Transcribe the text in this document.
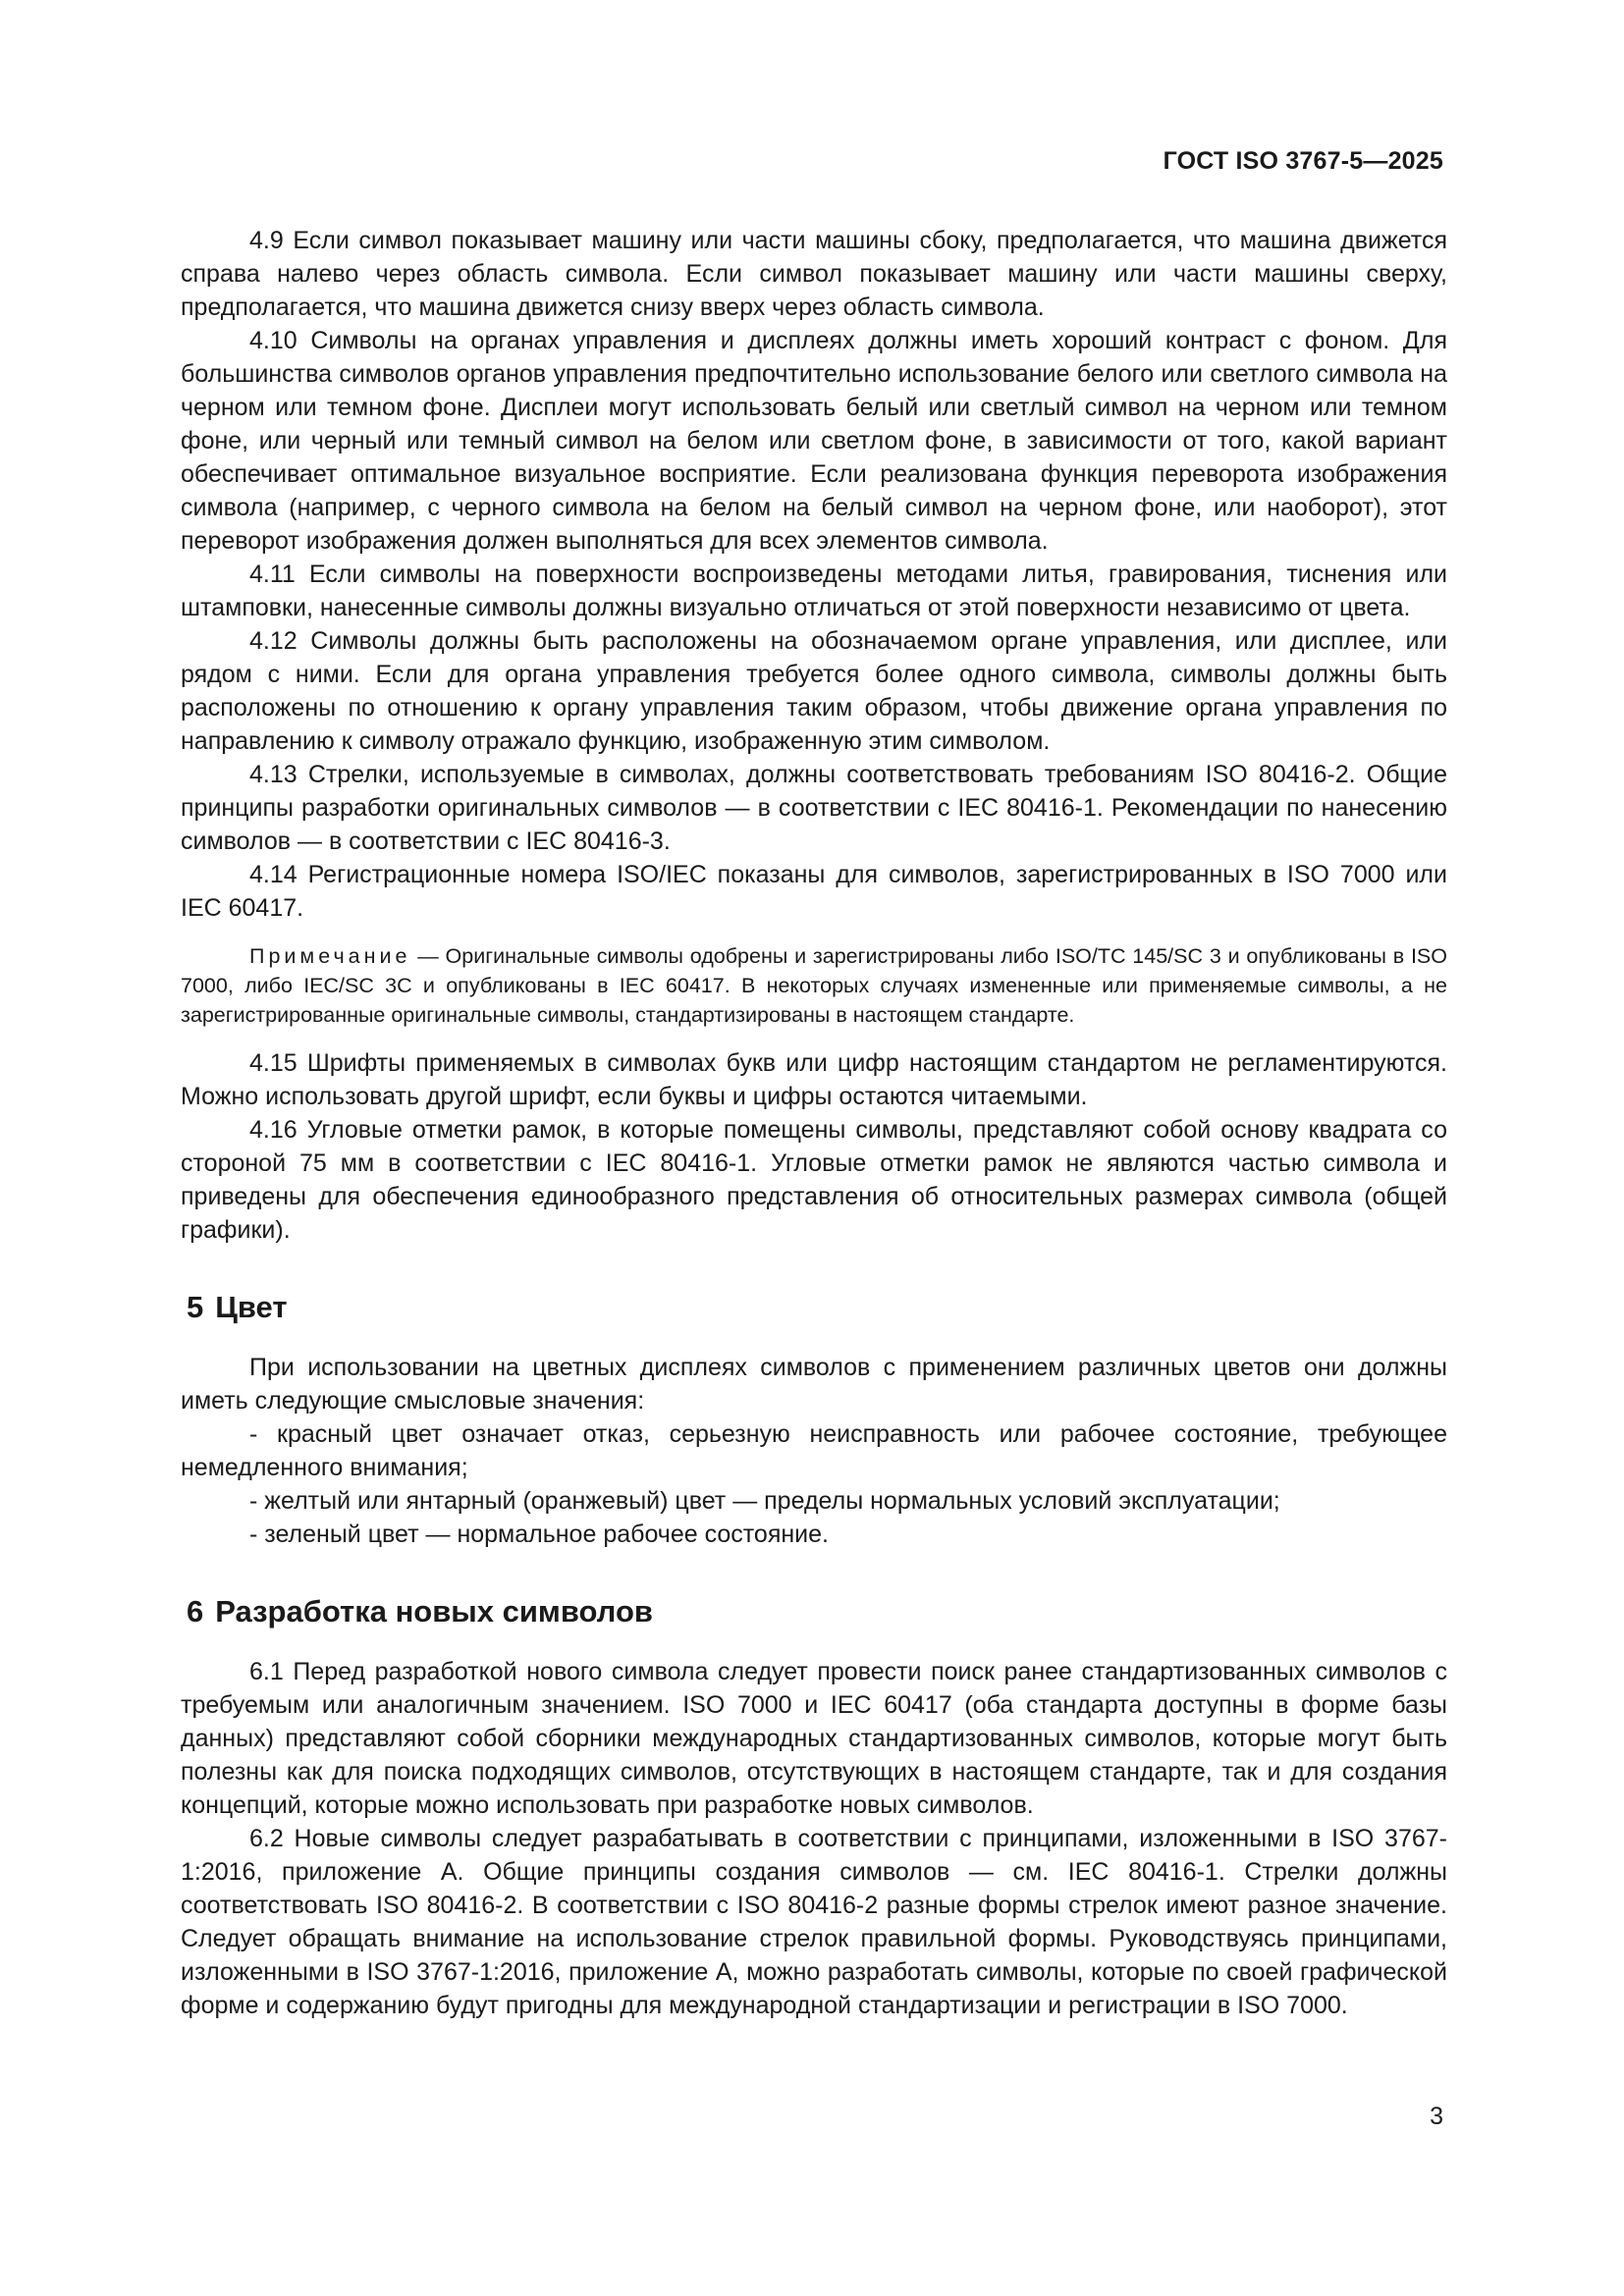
ГОСТ ISO 3767-5—2025

4.9 Если символ показывает машину или части машины сбоку, предполагается, что машина движется справа налево через область символа. Если символ показывает машину или части машины сверху, предполагается, что машина движется снизу вверх через область символа.

4.10 Символы на органах управления и дисплеях должны иметь хороший контраст с фоном. Для большинства символов органов управления предпочтительно использование белого или светлого символа на черном или темном фоне. Дисплеи могут использовать белый или светлый символ на черном или темном фоне, или черный или темный символ на белом или светлом фоне, в зависимости от того, какой вариант обеспечивает оптимальное визуальное восприятие. Если реализована функция переворота изображения символа (например, с черного символа на белом на белый символ на черном фоне, или наоборот), этот переворот изображения должен выполняться для всех элементов символа.

4.11 Если символы на поверхности воспроизведены методами литья, гравирования, тиснения или штамповки, нанесенные символы должны визуально отличаться от этой поверхности независимо от цвета.

4.12 Символы должны быть расположены на обозначаемом органе управления, или дисплее, или рядом с ними. Если для органа управления требуется более одного символа, символы должны быть расположены по отношению к органу управления таким образом, чтобы движение органа управления по направлению к символу отражало функцию, изображенную этим символом.

4.13 Стрелки, используемые в символах, должны соответствовать требованиям ISO 80416-2. Общие принципы разработки оригинальных символов — в соответствии с IEC 80416-1. Рекомендации по нанесению символов — в соответствии с IEC 80416-3.

4.14 Регистрационные номера ISO/IEC показаны для символов, зарегистрированных в ISO 7000 или IEC 60417.

Примечание — Оригинальные символы одобрены и зарегистрированы либо ISO/TC 145/SC 3 и опубликованы в ISO 7000, либо IEC/SC 3C и опубликованы в IEC 60417. В некоторых случаях измененные или применяемые символы, а не зарегистрированные оригинальные символы, стандартизированы в настоящем стандарте.

4.15 Шрифты применяемых в символах букв или цифр настоящим стандартом не регламентируются. Можно использовать другой шрифт, если буквы и цифры остаются читаемыми.

4.16 Угловые отметки рамок, в которые помещены символы, представляют собой основу квадрата со стороной 75 мм в соответствии с IEC 80416-1. Угловые отметки рамок не являются частью символа и приведены для обеспечения единообразного представления об относительных размерах символа (общей графики).

5 Цвет

При использовании на цветных дисплеях символов с применением различных цветов они должны иметь следующие смысловые значения:

- красный цвет означает отказ, серьезную неисправность или рабочее состояние, требующее немедленного внимания;

- желтый или янтарный (оранжевый) цвет — пределы нормальных условий эксплуатации;

- зеленый цвет — нормальное рабочее состояние.

6 Разработка новых символов

6.1 Перед разработкой нового символа следует провести поиск ранее стандартизованных символов с требуемым или аналогичным значением. ISO 7000 и IEC 60417 (оба стандарта доступны в форме базы данных) представляют собой сборники международных стандартизованных символов, которые могут быть полезны как для поиска подходящих символов, отсутствующих в настоящем стандарте, так и для создания концепций, которые можно использовать при разработке новых символов.

6.2 Новые символы следует разрабатывать в соответствии с принципами, изложенными в ISO 3767-1:2016, приложение А. Общие принципы создания символов — см. IEC 80416-1. Стрелки должны соответствовать ISO 80416-2. В соответствии с ISO 80416-2 разные формы стрелок имеют разное значение. Следует обращать внимание на использование стрелок правильной формы. Руководствуясь принципами, изложенными в ISO 3767-1:2016, приложение А, можно разработать символы, которые по своей графической форме и содержанию будут пригодны для международной стандартизации и регистрации в ISO 7000.

3
